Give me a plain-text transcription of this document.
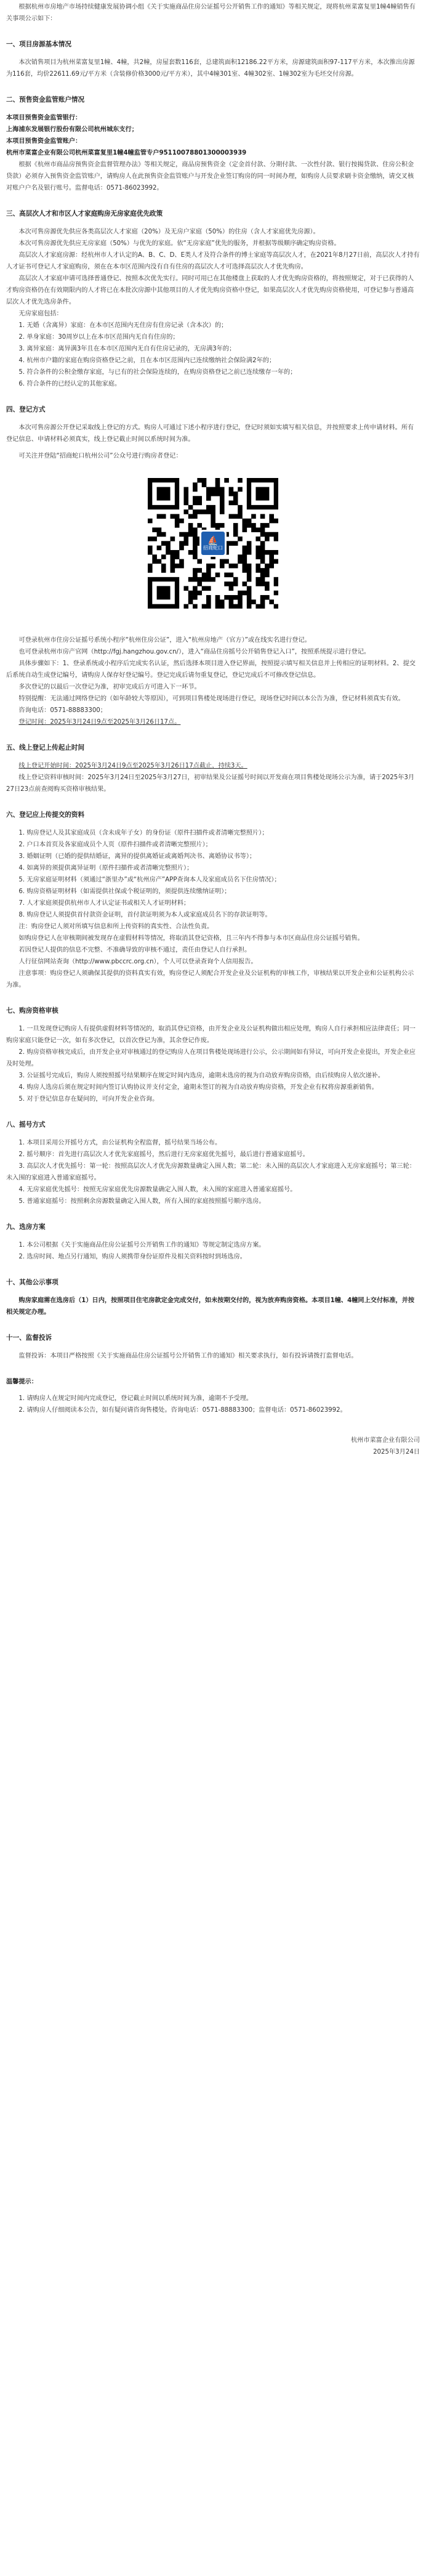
根据杭州市房地产市场持续健康发展协调小组《关于实施商品住房公证摇号公开销售工作的通知》等相关规定，现将杭州菜富复里1幢4幢销售有关事项公示如下：

一、项目房源基本情况

本次销售项目为杭州菜富复里1幢、4幢，共2幢，房屋套数116套，总建筑面积12186.22平方米，房源建筑面积97-117平方米，本次推出房源为116套，均价22611.69元/平方米（含装修价格3000元/平方米），其中4幢301室、4幢302室、1幢302室为毛坯交付房源。

二、预售资金监管账户情况

本项目预售资金监管银行：

上海浦东发展银行股份有限公司杭州城东支行；

本项目预售资金监管账户：

杭州市菜富企业有限公司杭州菜富复里1幢4幢监管专户95110078801300003939

根据《杭州市商品房预售资金监督管理办法》等相关规定，商品房预售资金（定金首付款、分期付款、一次性付款、银行按揭贷款、住房公积金贷款）必须存入预售资金监管账户，请购房人在此预售资金监管账户与开发企业签订购房的同一时间办理，如购房人员要求刷卡资金缴纳，请交叉核对账户户名及银行账号。监督电话：0571-86023992。

三、高层次人才和市区人才家庭购房无房家庭优先政策

本次可售房源优先供应各类高层次人才家庭（20%）及无房户家庭（50%）的住房（含人才家庭优先房源）。

本次可售房源优先供应无房家庭（50%）与优先的家庭。依“无房家庭”优先的服务，并根据等级顺序确定购房资格。

高层次人才家庭房源：经杭州市人才认定的A、B、C、D、E类人才及符合条件的博士家庭等高层次人才，在2021年8月27日前，高层次人才持有人才证书可登记人才家庭购房，须在在本市区范围内没有自有住房的高层次人才可选择高层次人才优先购房。

高层次人才家庭申请可选择普通登记、按照本次优先实行。同时可用已在其他楼盘上获取的人才优先购房资格的，将按照规定，对于已获得的人才购房资格仍在有效期限内的人才将已在本批次房源中其他项目的人才优先购房资格中登记，如果高层次人才优先购房资格使用，可登记参与普通高层次人才优先选房条件。

无房家庭包括：

1. 无婚（含离异）家庭：在本市区范围内无住房有住房记录（含本次）的；

2. 单身家庭：30周岁以上在本市区范围内无自有住房的；

3. 离异家庭：离异满3年且在本市区范围内无自有住房记录的，无房满3年的；

4. 杭州市户籍的家庭在购房资格登记之前，且在本市区范围内已连续缴纳社会保险满2年的；

5. 符合条件的公积金缴存家庭，与已有的社会保险连续的，在购房资格登记之前已连续缴存一年的；

6. 符合条件的已经认定的其他家庭。

四、登记方式

本次可售房源公开登记采取线上登记的方式。购房人可通过下述小程序进行登记，登记时须如实填写相关信息，并按照要求上传申请材料。所有登记信息、申请材料必须真实，线上登记截止时间以系统时间为准。

可关注并登陆“招商蛇口杭州公司”公众号进行购房者登记：

⛵
招商蛇口

可登录杭州市住房公证摇号系统小程序“杭州住房公证”，进入“杭州房地产（官方）”或在线实名进行登记。

也可登录杭州市房产官网（http://fgj.hangzhou.gov.cn/），进入“商品住房摇号公开销售登记入口”，按照系统提示进行登记。

具体步骤如下：1、登录系统或小程序后完成实名认证，然后选择本项目进入登记界面，按照提示填写相关信息并上传相应的证明材料。2、提交后系统自动生成登记编号，请购房人保存好登记编号。登记完成后请勿重复登记，登记完成后不可修改登记信息。

多次登记的以最后一次登记为准，初审完成后方可进入下一环节。

特别提醒：无法通过网络登记的（如年龄较大等原因），可到项目售楼处现场进行登记，现场登记时间以本公告为准，登记材料须真实有效。

咨询电话：0571-88883300；

登记时间：2025年3月24日9点至2025年3月26日17点。

五、线上登记上传起止时间

线上登记开始时间：2025年3月24日9点至2025年3月26日17点截止，持续3天。

线上登记资料审核时间：2025年3月24日至2025年3月27日，初审结果及公证摇号时间以开发商在项目售楼处现场公示为准，请于2025年3月27日23点前查阅购买资格审核结果。

六、登记应上传提交的资料

1. 购房登记人及其家庭成员（含未成年子女）的身份证（原件扫描件或者清晰完整照片）；

2. 户口本首页及各家庭成员个人页（原件扫描件或者清晰完整照片）；

3. 婚姻证明（已婚的提供结婚证，离异的提供离婚证或离婚判决书、离婚协议书等）；

4. 如离异的须提供离异证明（原件扫描件或者清晰完整照片）；

5. 无房家庭证明材料（须通过“浙里办”或“杭州房产”APP查询本人及家庭成员名下住房情况）；

6. 购房资格证明材料（如需提供社保或个税证明的，须提供连续缴纳证明）；

7. 人才家庭须提供杭州市人才认定证书或相关人才证明材料；

8. 购房登记人须提供首付款资金证明，首付款证明须为本人或家庭成员名下的存款证明等。

注：购房登记人须对所填写信息和所上传资料的真实性、合法性负责。

如购房登记人在审核期间被发现存在虚假材料等情况，将取消其登记资格，且三年内不得参与本市区商品住房公证摇号销售。

若因登记人提供的信息不完整、不准确导致的审核不通过，责任由登记人自行承担。

人行征信网站查询（http://www.pbccrc.org.cn），个人可以登录查询个人信用报告。

注意事项：购房登记人须确保其提供的资料真实有效，购房登记人须配合开发企业及公证机构的审核工作，审核结果以开发企业和公证机构公示为准。

七、购房资格审核

1. 一旦发现登记购房人有提供虚假材料等情况的，取消其登记资格，由开发企业及公证机构做出相应处理，购房人自行承担相应法律责任；同一购房家庭只能登记一次，如有多次登记，以首次登记为准，其余登记作废。

2. 购房资格审核完成后，由开发企业对审核通过的登记购房人在项目售楼处现场进行公示，公示期间如有异议，可向开发企业提出，开发企业应及时处理。

3. 公证摇号完成后，购房人须按照摇号结果顺序在规定时间内选房，逾期未选房的视为自动放弃购房资格，由后续购房人依次递补。

4. 购房人选房后须在规定时间内签订认购协议并支付定金，逾期未签订的视为自动放弃购房资格，开发企业有权将房源重新销售。

5. 对于登记信息存在疑问的，可向开发企业咨询。

八、摇号方式

1. 本项目采用公开摇号方式，由公证机构全程监督，摇号结果当场公布。

2. 摇号顺序：首先进行高层次人才优先家庭摇号，然后进行无房家庭优先摇号，最后进行普通家庭摇号。

3. 高层次人才优先摇号：第一轮：按照高层次人才优先房源数量确定入围人数；第二轮：未入围的高层次人才家庭进入无房家庭摇号；第三轮：未入围的家庭进入普通家庭摇号。

4. 无房家庭优先摇号：按照无房家庭优先房源数量确定入围人数，未入围的家庭进入普通家庭摇号。

5. 普通家庭摇号：按照剩余房源数量确定入围人数，所有入围的家庭按照摇号顺序选房。

九、选房方案

1. 本公司根据《关于实施商品住房公证摇号公开销售工作的通知》等规定制定选房方案。

2. 选房时间、地点另行通知，购房人须携带身份证原件及相关资料按时到场选房。

十、其他公示事项

购房家庭需在选房后（1）日内，按照项目住宅房款定金完成交付，如未按期交付的，视为放弃购房资格。本项目1幢、4幢同上交付标准，并按相关规定办理。

十一、监督投诉

监督投诉：本项目严格按照《关于实施商品住房公证摇号公开销售工作的通知》相关要求执行，如有投诉请拨打监督电话。

温馨提示：

1. 请购房人在规定时间内完成登记，登记截止时间以系统时间为准，逾期不予受理。

2. 请购房人仔细阅读本公告，如有疑问请咨询售楼处。咨询电话：0571-88883300；监督电话：0571-86023992。

杭州市菜富企业有限公司

2025年3月24日
